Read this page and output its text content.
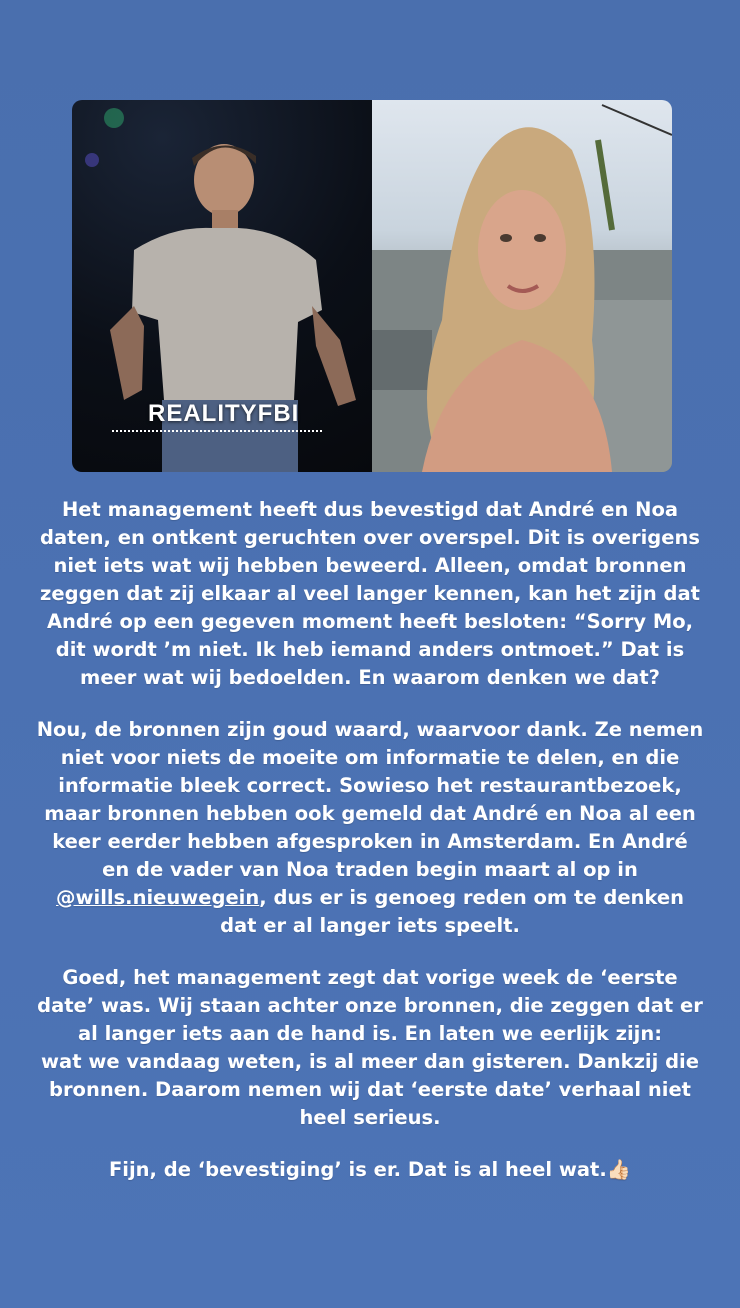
REALITYFBI

Het management heeft dus bevestigd dat André en Noa
daten, en ontkent geruchten over overspel. Dit is overigens
niet iets wat wij hebben beweerd. Alleen, omdat bronnen
zeggen dat zij elkaar al veel langer kennen, kan het zijn dat
André op een gegeven moment heeft besloten: “Sorry Mo,
dit wordt ’m niet. Ik heb iemand anders ontmoet.” Dat is
meer wat wij bedoelden. En waarom denken we dat?

Nou, de bronnen zijn goud waard, waarvoor dank. Ze nemen
niet voor niets de moeite om informatie te delen, en die
informatie bleek correct. Sowieso het restaurantbezoek,
maar bronnen hebben ook gemeld dat André en Noa al een
keer eerder hebben afgesproken in Amsterdam. En André
en de vader van Noa traden begin maart al op in
@wills.nieuwegein, dus er is genoeg reden om te denken
dat er al langer iets speelt.

Goed, het management zegt dat vorige week de ‘eerste
date’ was. Wij staan achter onze bronnen, die zeggen dat er
al langer iets aan de hand is. En laten we eerlijk zijn:
wat we vandaag weten, is al meer dan gisteren. Dankzij die
bronnen. Daarom nemen wij dat ‘eerste date’ verhaal niet
heel serieus.

Fijn, de ‘bevestiging’ is er. Dat is al heel wat.👍🏻
